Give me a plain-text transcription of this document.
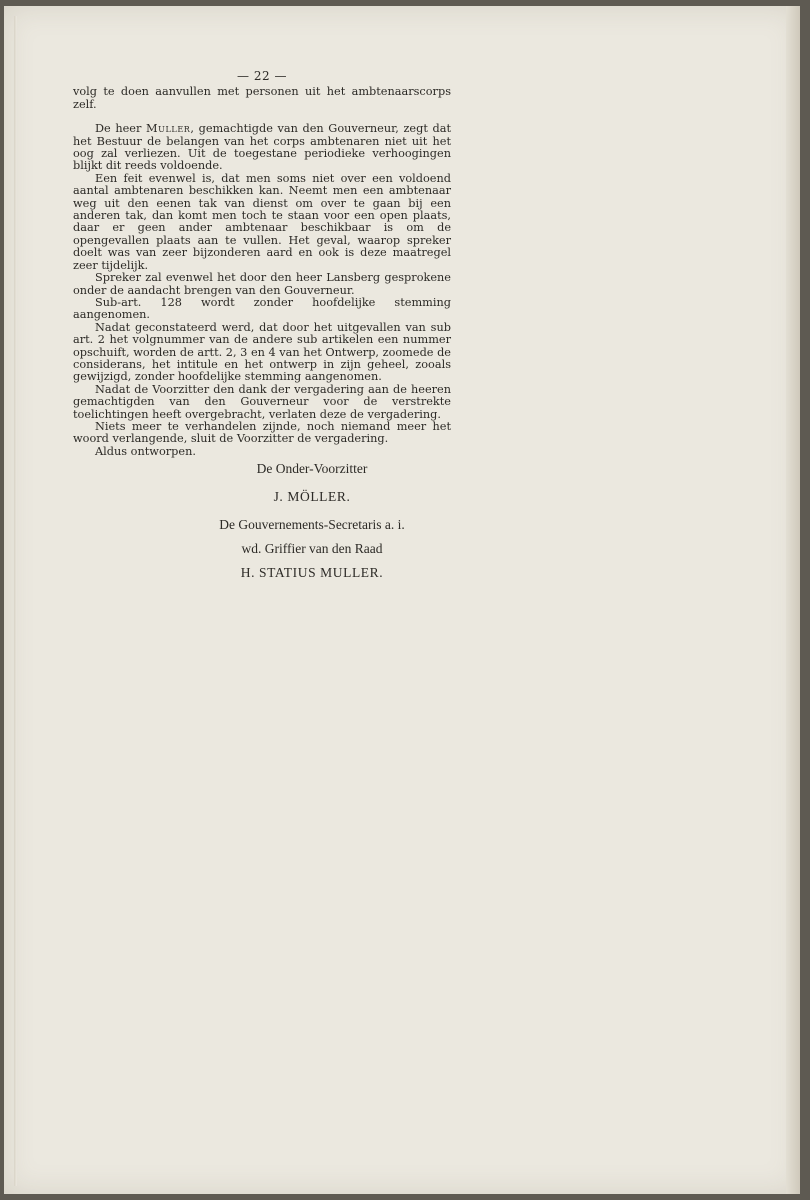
— 22 —

volg te doen aanvullen met personen uit het ambtenaarscorps zelf.

De heer Muller, gemachtigde van den Gouverneur, zegt dat het Bestuur de belangen van het corps ambtenaren niet uit het oog zal verliezen. Uit de toegestane periodieke verhoogingen blijkt dit reeds voldoende.

Een feit evenwel is, dat men soms niet over een voldoend aantal ambtenaren beschikken kan. Neemt men een ambtenaar weg uit den eenen tak van dienst om over te gaan bij een anderen tak, dan komt men toch te staan voor een open plaats, daar er geen ander ambtenaar beschikbaar is om de opengevallen plaats aan te vullen. Het geval, waarop spreker doelt was van zeer bijzonderen aard en ook is deze maatregel zeer tijdelijk.

Spreker zal evenwel het door den heer Lansberg gesprokene onder de aandacht brengen van den Gouverneur.

Sub-art. 128 wordt zonder hoofdelijke stemming aangenomen.

Nadat geconstateerd werd, dat door het uitgevallen van sub art. 2 het volgnummer van de andere sub artikelen een nummer opschuift, worden de artt. 2, 3 en 4 van het Ontwerp, zoomede de considerans, het intitule en het ontwerp in zijn geheel, zooals gewijzigd, zonder hoofdelijke stemming aangenomen.

Nadat de Voorzitter den dank der vergadering aan de heeren gemachtigden van den Gouverneur voor de verstrekte toelichtingen heeft overgebracht, verlaten deze de vergadering.

Niets meer te verhandelen zijnde, noch niemand meer het woord verlangende, sluit de Voorzitter de vergadering.

Aldus ontworpen.

De Onder-Voorzitter
J. MÖLLER.
De Gouvernements-Secretaris a. i.
wd. Griffier van den Raad
H. STATIUS MULLER.
